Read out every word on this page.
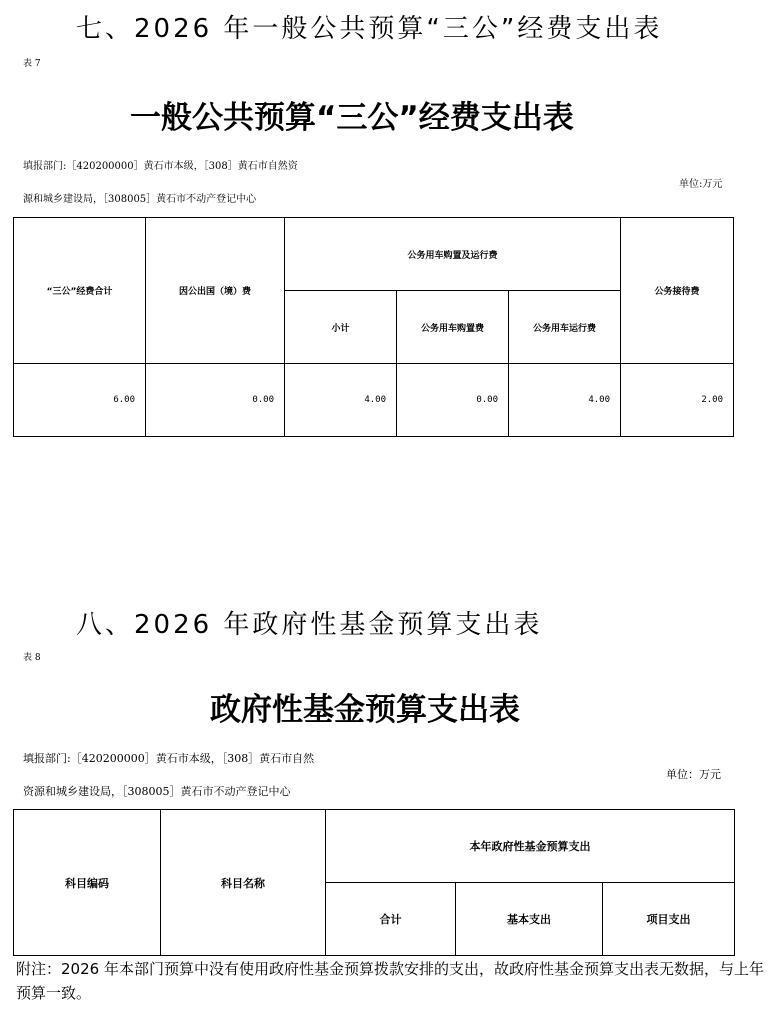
七、2026 年一般公共预算“三公”经费支出表
表 7
一般公共预算“三公”经费支出表
填报部门:［420200000］黄石市本级，［308］黄石市自然资
源和城乡建设局，［308005］黄石市不动产登记中心
单位:万元
“三公”经费合计	因公出国（境）费	公务用车购置及运行费			公务接待费
		小计	公务用车购置费	公务用车运行费	
6.00	0.00	4.00	0.00	4.00	2.00
八、2026 年政府性基金预算支出表
表 8
政府性基金预算支出表
填报部门:［420200000］黄石市本级，［308］黄石市自然
资源和城乡建设局，［308005］黄石市不动产登记中心
单位：万元
科目编码	科目名称	本年政府性基金预算支出		
		合计	基本支出	项目支出
附注：2026 年本部门预算中没有使用政府性基金预算拨款安排的支出，故政府性基金预算支出表无数据，与上年预算一致。
